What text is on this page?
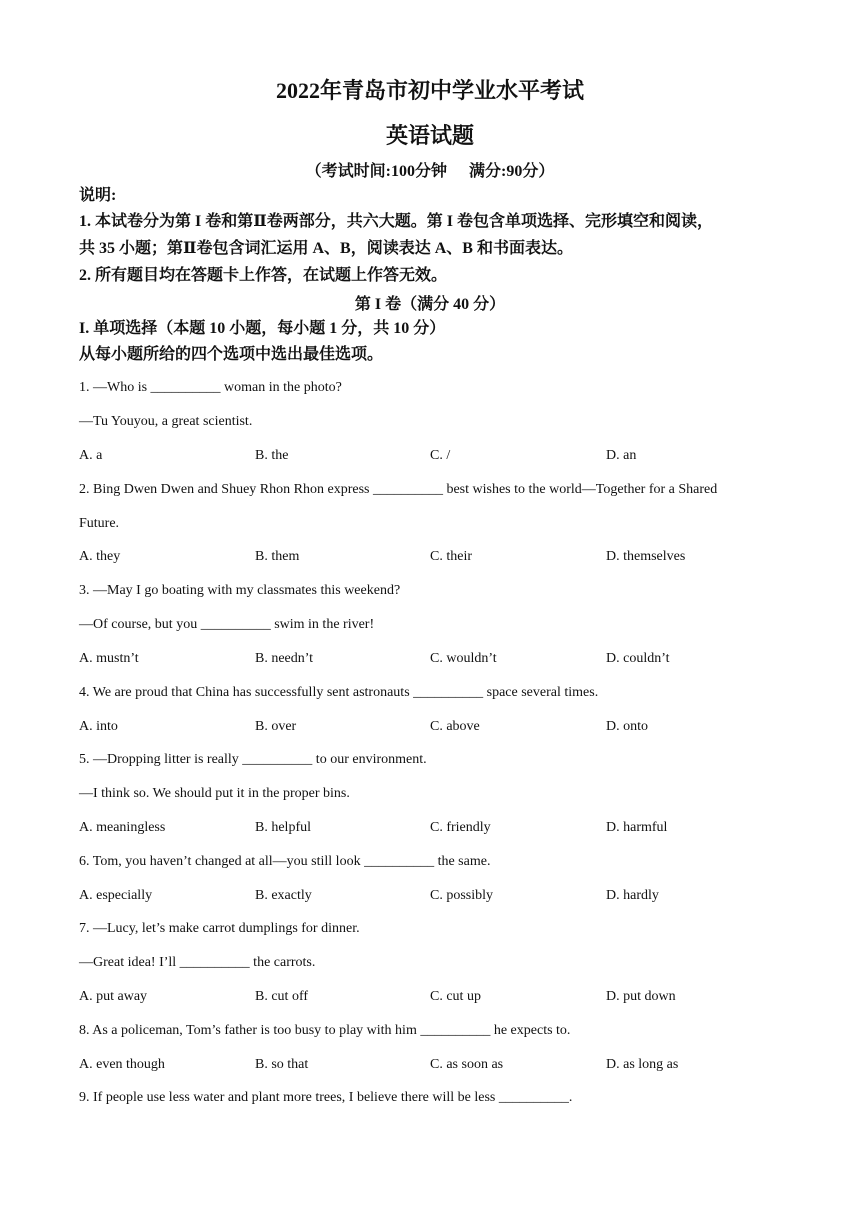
2022年青岛市初中学业水平考试
英语试题
（考试时间:100分钟 满分:90分）
说明:
1. 本试卷分为第 I 卷和第Ⅱ卷两部分，共六大题。第 I 卷包含单项选择、完形填空和阅读，
共 35 小题；第Ⅱ卷包含词汇运用 A、B，阅读表达 A、B 和书面表达。
2. 所有题目均在答题卡上作答，在试题上作答无效。
第 I 卷（满分 40 分）
I. 单项选择（本题 10 小题，每小题 1 分，共 10 分）
从每小题所给的四个选项中选出最佳选项。
1. —Who is __________ woman in the photo?
—Tu Youyou, a great scientist.
A. a	B. the	C. /	D. an
2. Bing Dwen Dwen and Shuey Rhon Rhon express __________ best wishes to the world—Together for a Shared
Future.
A. they	B. them	C. their	D. themselves
3. —May I go boating with my classmates this weekend?
—Of course, but you __________ swim in the river!
A. mustn’t	B. needn’t	C. wouldn’t	D. couldn’t
4. We are proud that China has successfully sent astronauts __________ space several times.
A. into	B. over	C. above	D. onto
5. —Dropping litter is really __________ to our environment.
—I think so. We should put it in the proper bins.
A. meaningless	B. helpful	C. friendly	D. harmful
6. Tom, you haven’t changed at all—you still look __________ the same.
A. especially	B. exactly	C. possibly	D. hardly
7. —Lucy, let’s make carrot dumplings for dinner.
—Great idea! I’ll __________ the carrots.
A. put away	B. cut off	C. cut up	D. put down
8. As a policeman, Tom’s father is too busy to play with him __________ he expects to.
A. even though	B. so that	C. as soon as	D. as long as
9. If people use less water and plant more trees, I believe there will be less __________.
